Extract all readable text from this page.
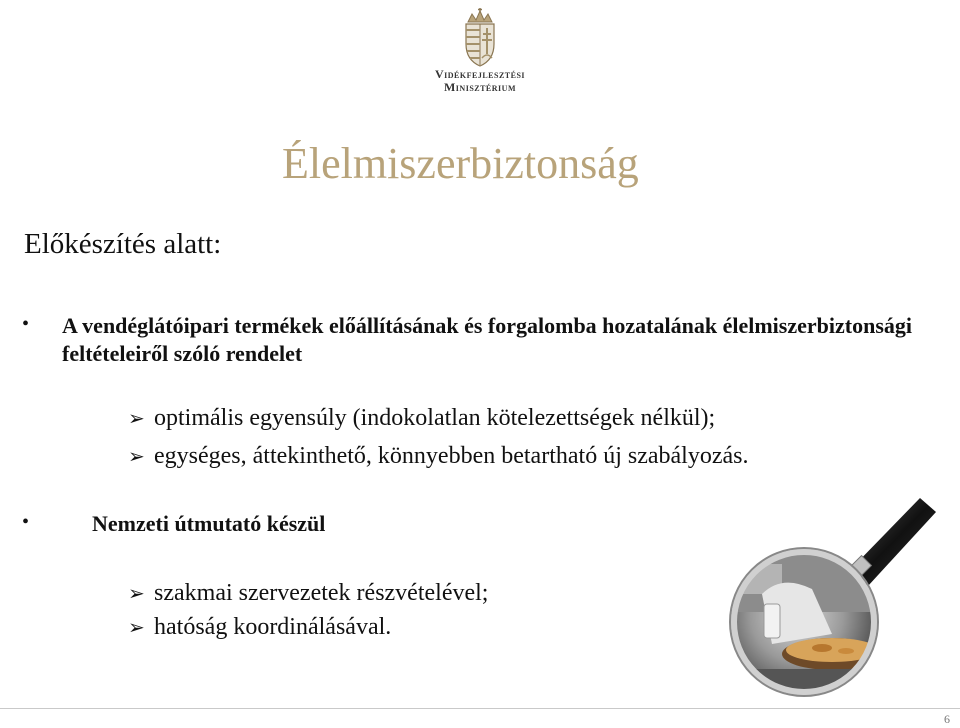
Vidékfejlesztési
Minisztérium
Élelmiszerbiztonság
Előkészítés alatt:
• A vendéglátóipari termékek előállításának és forgalomba hozatalának élelmiszerbiztonsági feltételeiről szóló rendelet
➢ optimális egyensúly (indokolatlan kötelezettségek nélkül);
➢ egységes, áttekinthető, könnyebben betartható új szabályozás.
•	Nemzeti útmutató készül
➢ szakmai szervezetek részvételével;
➢ hatóság koordinálásával.
6
